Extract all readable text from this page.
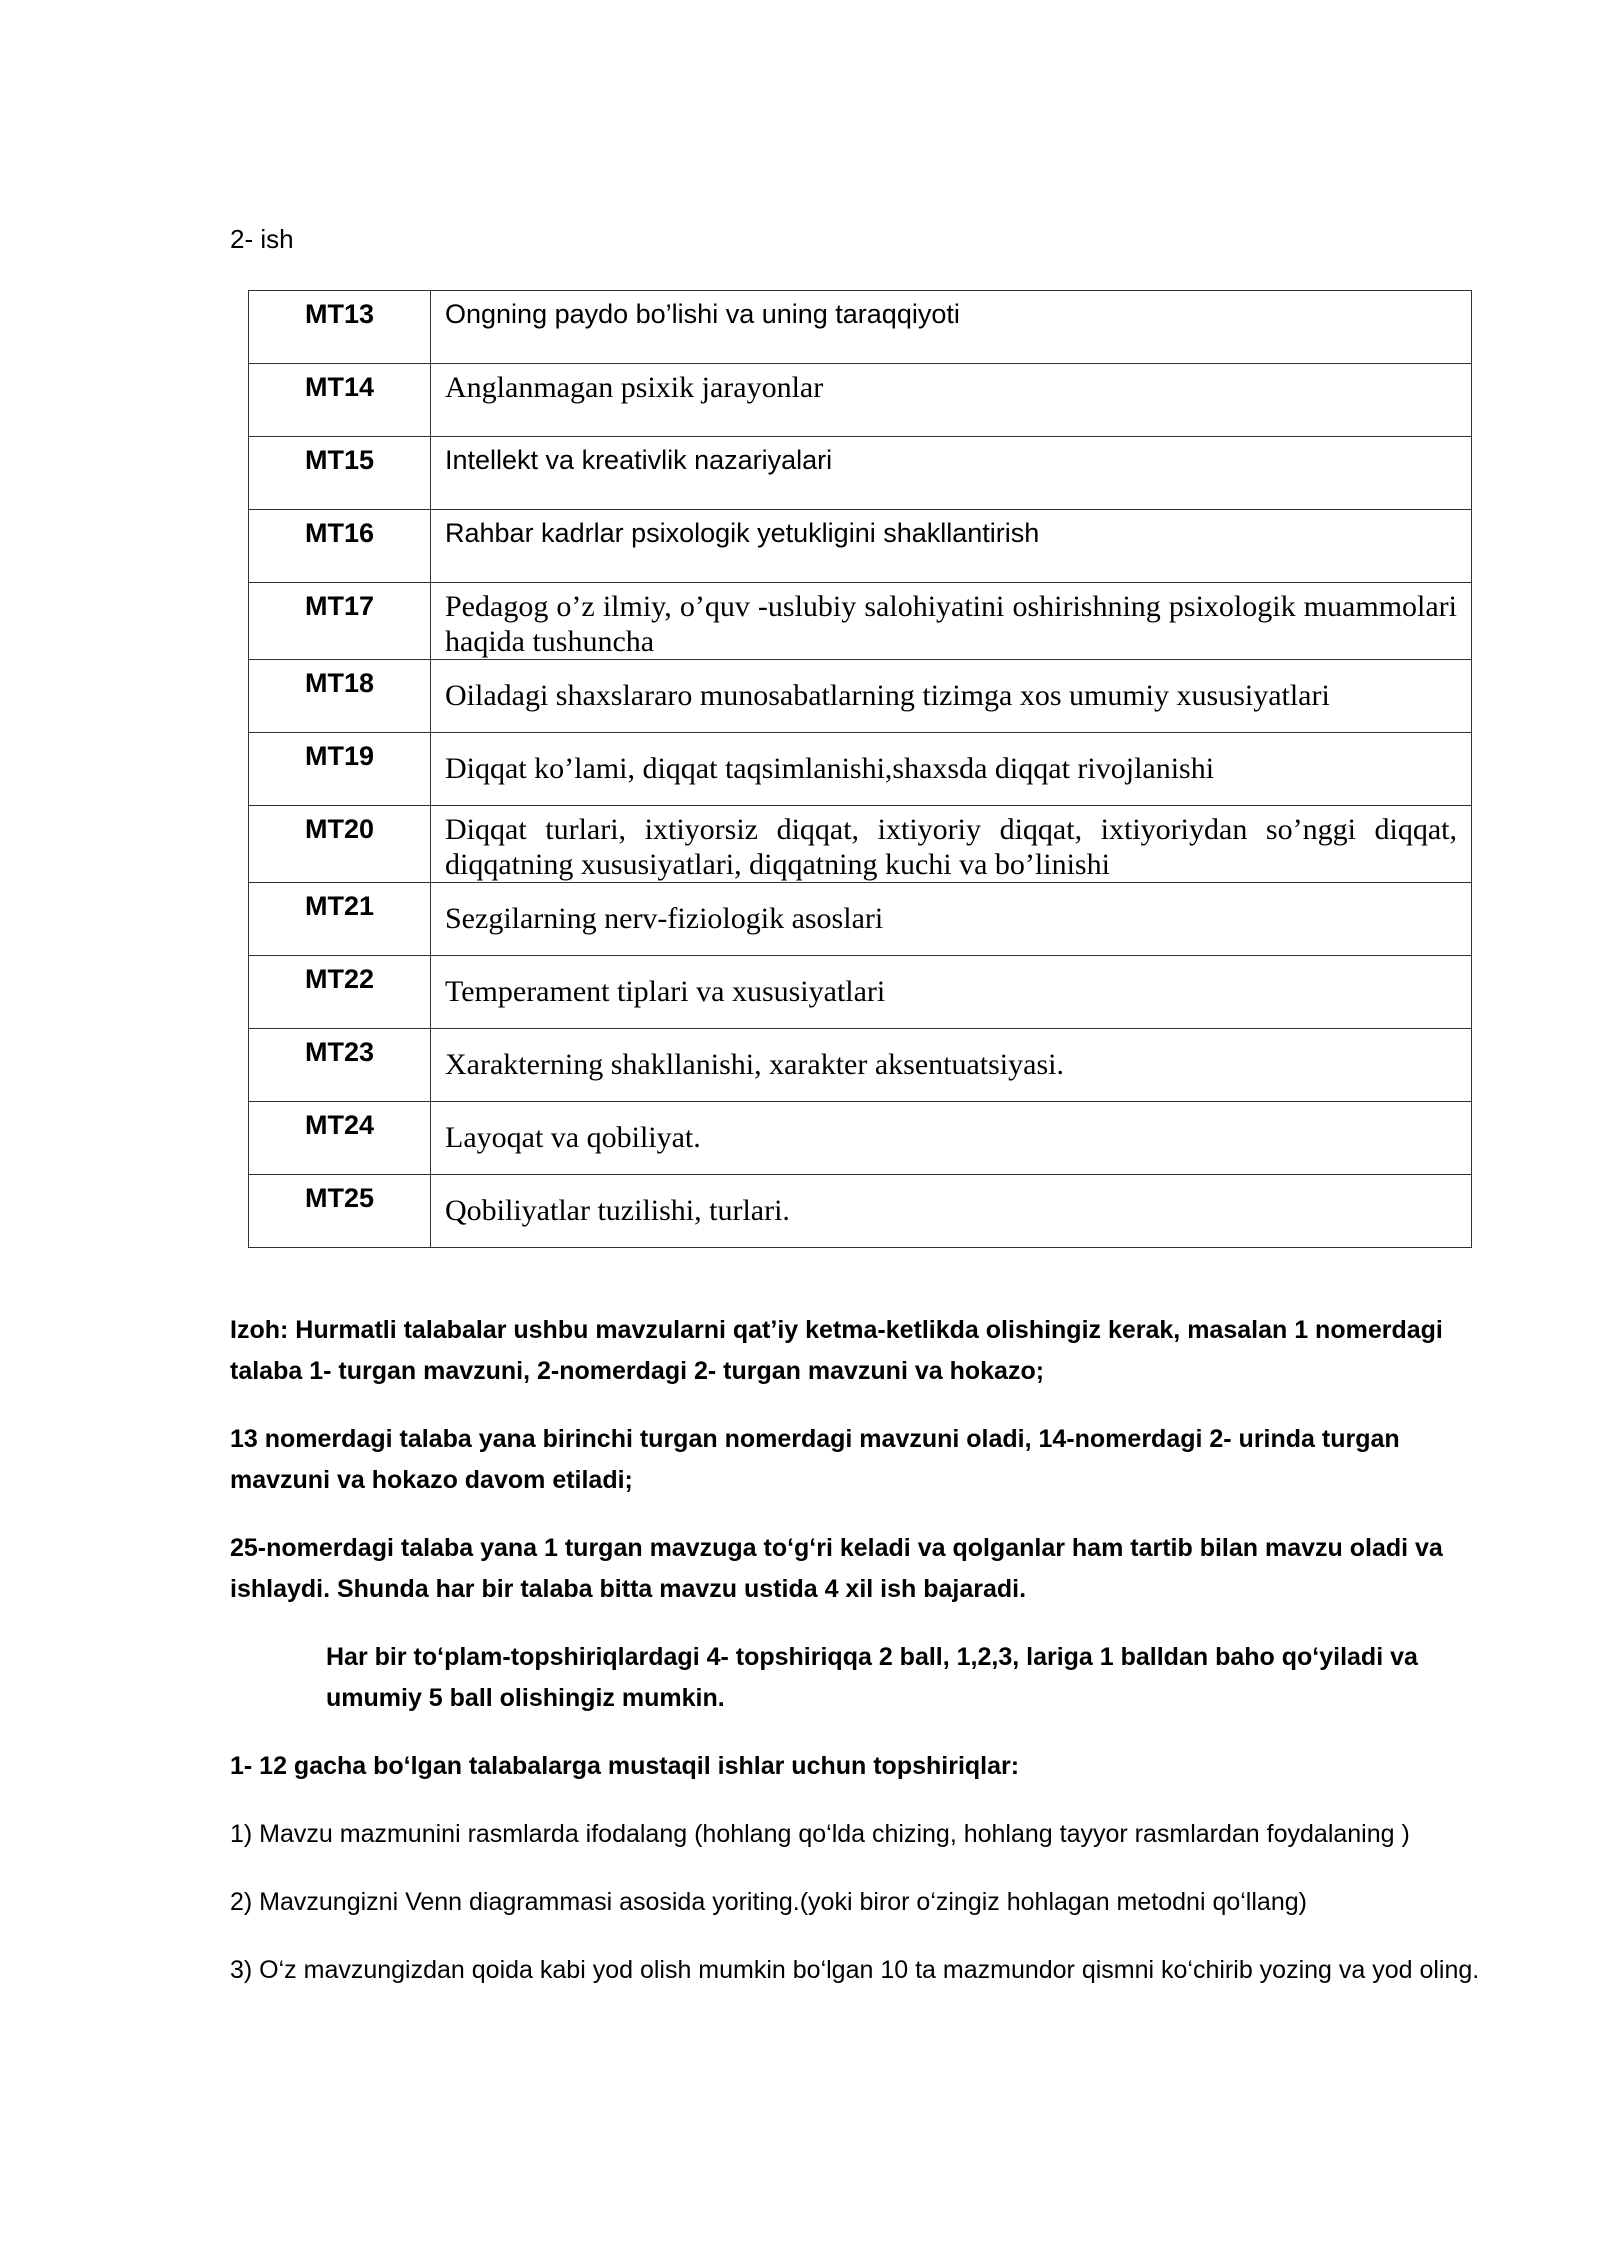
2- ish
MT13	Ongning paydo bo’lishi va uning taraqqiyoti
MT14	Anglanmagan psixik jarayonlar
MT15	Intellekt va kreativlik nazariyalari
MT16	Rahbar kadrlar psixologik yetukligini shakllantirish
MT17	Pedagog o’z ilmiy, o’quv -uslubiy salohiyatini oshirishning psixologik muammolari haqida tushuncha
MT18	Oiladagi shaxslararo munosabatlarning tizimga xos umumiy xususiyatlari
MT19	Diqqat ko’lami, diqqat taqsimlanishi,shaxsda diqqat rivojlanishi
MT20	Diqqat turlari, ixtiyorsiz diqqat, ixtiyoriy diqqat, ixtiyoriydan so’nggi diqqat, diqqatning xususiyatlari, diqqatning kuchi va bo’linishi
MT21	Sezgilarning nerv-fiziologik asoslari
MT22	Temperament tiplari va xususiyatlari
MT23	Xarakterning shakllanishi, xarakter aksentuatsiyasi.
MT24	Layoqat va qobiliyat.
MT25	Qobiliyatlar tuzilishi, turlari.

Izoh: Hurmatli talabalar ushbu mavzularni qat’iy ketma-ketlikda olishingiz kerak, masalan 1 nomerdagi talaba 1- turgan mavzuni, 2-nomerdagi 2- turgan mavzuni va hokazo;

13 nomerdagi talaba yana birinchi turgan nomerdagi mavzuni oladi, 14-nomerdagi 2- urinda turgan mavzuni va hokazo davom etiladi;

25-nomerdagi talaba yana 1 turgan mavzuga to‘g‘ri keladi va qolganlar ham tartib bilan mavzu oladi va ishlaydi. Shunda har bir talaba bitta mavzu ustida 4 xil ish bajaradi.

Har bir to‘plam-topshiriqlardagi 4- topshiriqqa 2 ball, 1,2,3, lariga 1 balldan baho qo‘yiladi va umumiy 5 ball olishingiz mumkin.

1- 12 gacha bo‘lgan talabalarga mustaqil ishlar uchun topshiriqlar:

1) Mavzu mazmunini rasmlarda ifodalang (hohlang qo‘lda chizing, hohlang tayyor rasmlardan foydalaning )

2) Mavzungizni Venn diagrammasi asosida yoriting.(yoki biror o‘zingiz hohlagan metodni qo‘llang)

3) O‘z mavzungizdan qoida kabi yod olish mumkin bo‘lgan 10 ta mazmundor qismni ko‘chirib yozing va yod oling.
